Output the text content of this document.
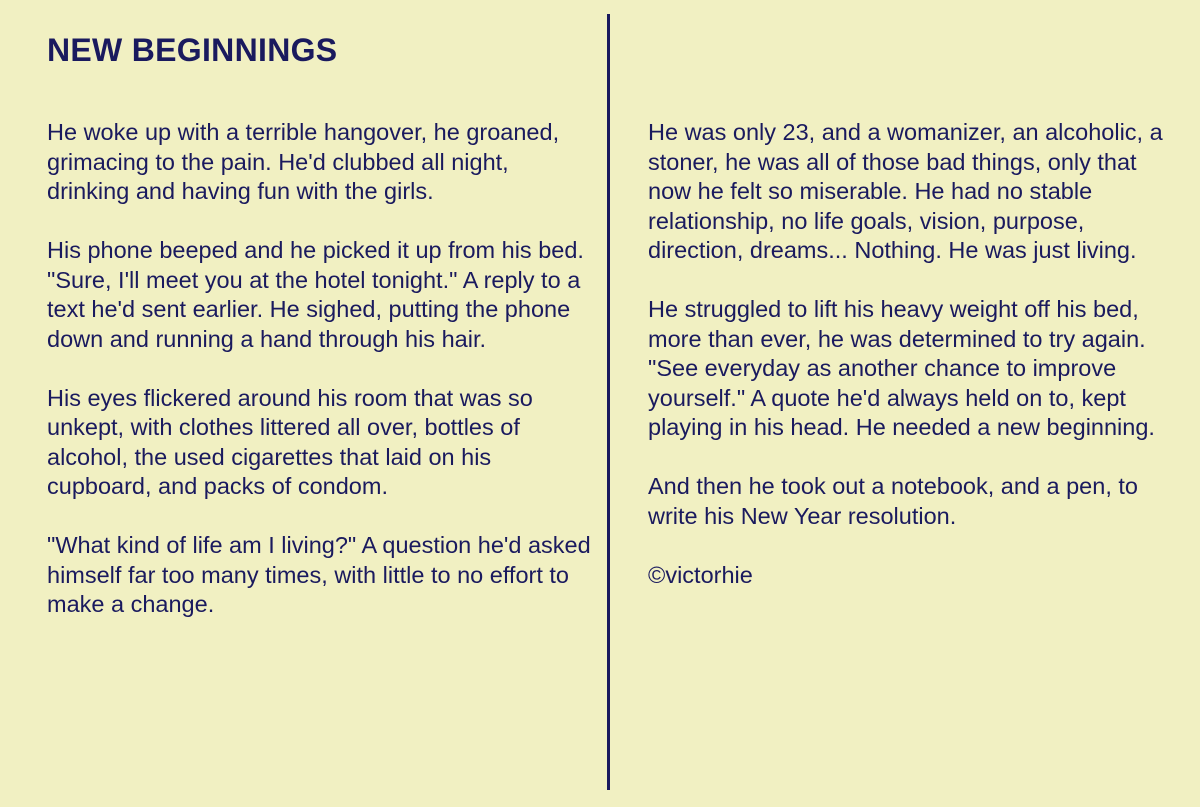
NEW BEGINNINGS

He woke up with a terrible hangover, he groaned, grimacing to the pain. He'd clubbed all night, drinking and having fun with the girls.

His phone beeped and he picked it up from his bed. "Sure, I'll meet you at the hotel tonight." A reply to a text he'd sent earlier. He sighed, putting the phone down and running a hand through his hair.

His eyes flickered around his room that was so unkept, with clothes littered all over, bottles of alcohol, the used cigarettes that laid on his cupboard, and packs of condom.

"What kind of life am I living?" A question he'd asked himself far too many times, with little to no effort to make a change.

He was only 23, and a womanizer, an alcoholic, a stoner, he was all of those bad things, only that now he felt so miserable. He had no stable relationship, no life goals, vision, purpose, direction, dreams... Nothing. He was just living.

He struggled to lift his heavy weight off his bed, more than ever, he was determined to try again. "See everyday as another chance to improve yourself." A quote he'd always held on to, kept playing in his head. He needed a new beginning.

And then he took out a notebook, and a pen, to write his New Year resolution.

©victorhie
